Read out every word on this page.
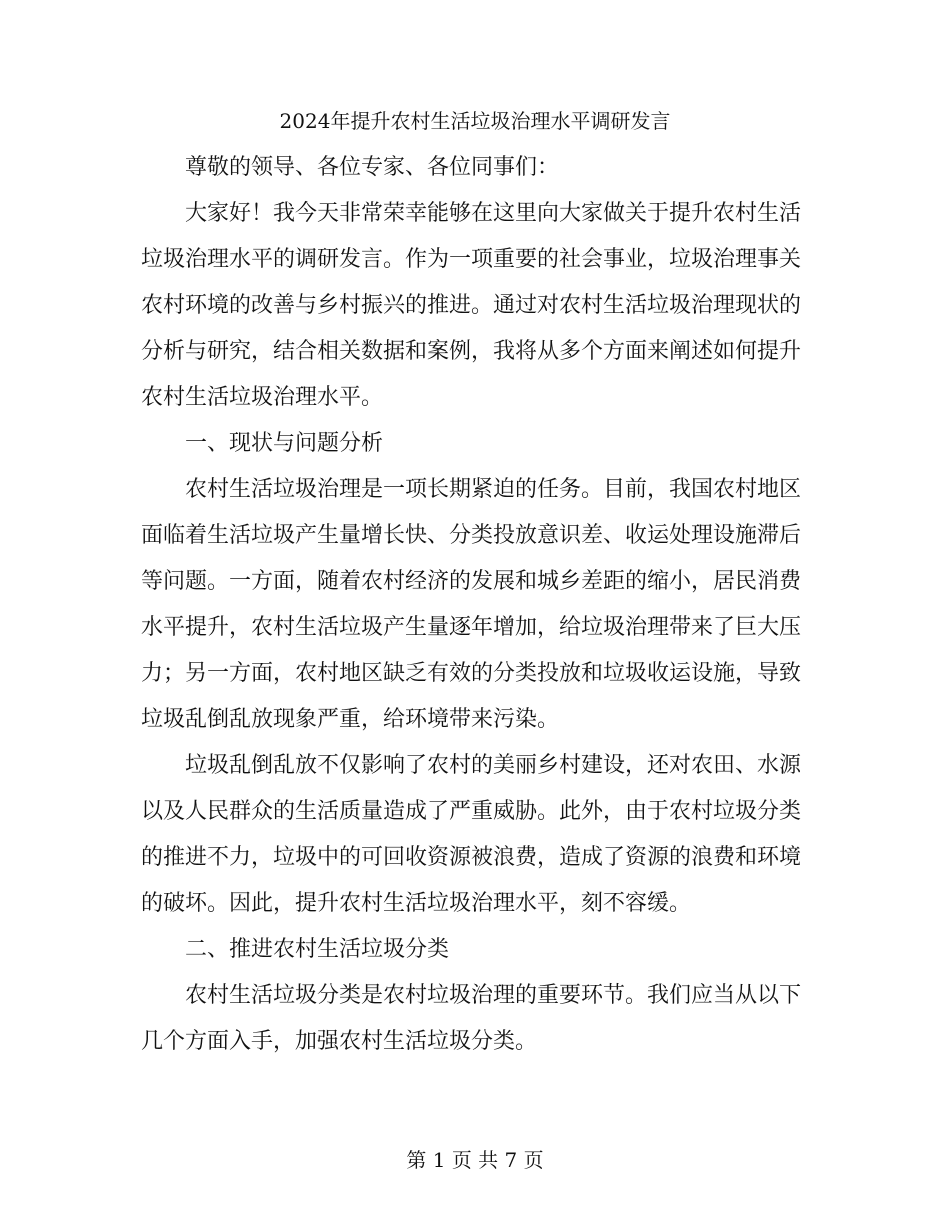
2024年提升农村生活垃圾治理水平调研发言

尊敬的领导、各位专家、各位同事们：

大家好！我今天非常荣幸能够在这里向大家做关于提升农村生活垃圾治理水平的调研发言。作为一项重要的社会事业，垃圾治理事关农村环境的改善与乡村振兴的推进。通过对农村生活垃圾治理现状的分析与研究，结合相关数据和案例，我将从多个方面来阐述如何提升农村生活垃圾治理水平。

一、现状与问题分析

农村生活垃圾治理是一项长期紧迫的任务。目前，我国农村地区面临着生活垃圾产生量增长快、分类投放意识差、收运处理设施滞后等问题。一方面，随着农村经济的发展和城乡差距的缩小，居民消费水平提升，农村生活垃圾产生量逐年增加，给垃圾治理带来了巨大压力；另一方面，农村地区缺乏有效的分类投放和垃圾收运设施，导致垃圾乱倒乱放现象严重，给环境带来污染。

垃圾乱倒乱放不仅影响了农村的美丽乡村建设，还对农田、水源以及人民群众的生活质量造成了严重威胁。此外，由于农村垃圾分类的推进不力，垃圾中的可回收资源被浪费，造成了资源的浪费和环境的破坏。因此，提升农村生活垃圾治理水平，刻不容缓。

二、推进农村生活垃圾分类

农村生活垃圾分类是农村垃圾治理的重要环节。我们应当从以下几个方面入手，加强农村生活垃圾分类。

第 1 页 共 7 页
